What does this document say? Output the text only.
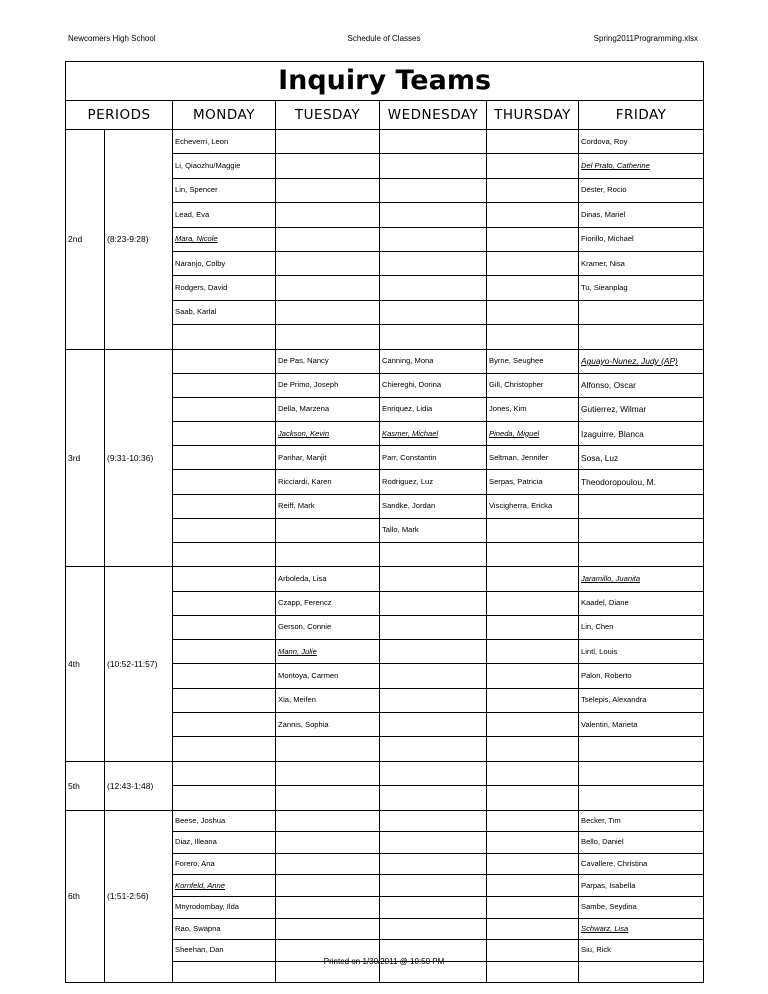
Newcomers High School	Schedule of Classes	Spring2011Programming.xlsx
Inquiry Teams						
PERIODS		MONDAY	TUESDAY	WEDNESDAY	THURSDAY	FRIDAY
2nd	(8:23-9:28)	Echeverri, Leon				Cordova, Roy
		Li, Qiaozhu/Maggie				Del Prato, Catherine
		Lin, Spencer				Dester, Rocio
		Lead, Eva				Dinas, Mariel
		Mara, Nicole				Fiorillo, Michael
		Naranjo, Colby				Kramer, Nisa
		Rodgers, David				Tu, Sieanplag
		Saab, Karlal				

3rd	(9:31-10:36)		De Pas, Nancy	Canning, Mona	Byrne, Seughee	Aguayo-Nunez, Judy (AP)
			De Primo, Joseph	Chiereghi, Dorina	Gill, Christopher	Alfonso, Oscar
			Della, Marzena	Enriquez, Lidia	Jones, Kim	Gutierrez, Wilmar
			Jackson, Kevin	Kasmer, Michael	Pineda, Miguel	Izaguirre, Blanca
			Parihar, Manjit	Parr, Constantin	Seltman, Jennifer	Sosa, Luz
			Ricciardi, Karen	Rodriguez, Luz	Serpas, Patricia	Theodoropoulou, M.
			Reiff, Mark	Sandke, Jordan	Viscigherra, Ericka	
				Tallo, Mark		

4th	(10:52-11:57)		Arboleda, Lisa			Jaramillo, Juanita
			Czapp, Ferencz			Kaadel, Diane
			Gerson, Connie			Lin, Chen
			Mann, Julie			Lintl, Louis
			Montoya, Carmen			Palon, Roberto
			Xia, Meifen			Tselepis, Alexandra
			Zannis, Sophia			Valentin, Marieta

5th	(12:43-1:48)					

6th	(1:51-2:56)	Beese, Joshua				Becker, Tim
		Diaz, Illeana				Bello, Daniel
		Forero, Ana				Cavallere, Christina
		Kornfeld, Anne				Parpas, Isabella
		Mnyrodombay, Ilda				Sambe, Seydina
		Rao, Swapna				Schwarz, Lisa
		Sheehan, Dan				Siu, Rick

Printed on 1/30/2011 @ 10:50 PM
